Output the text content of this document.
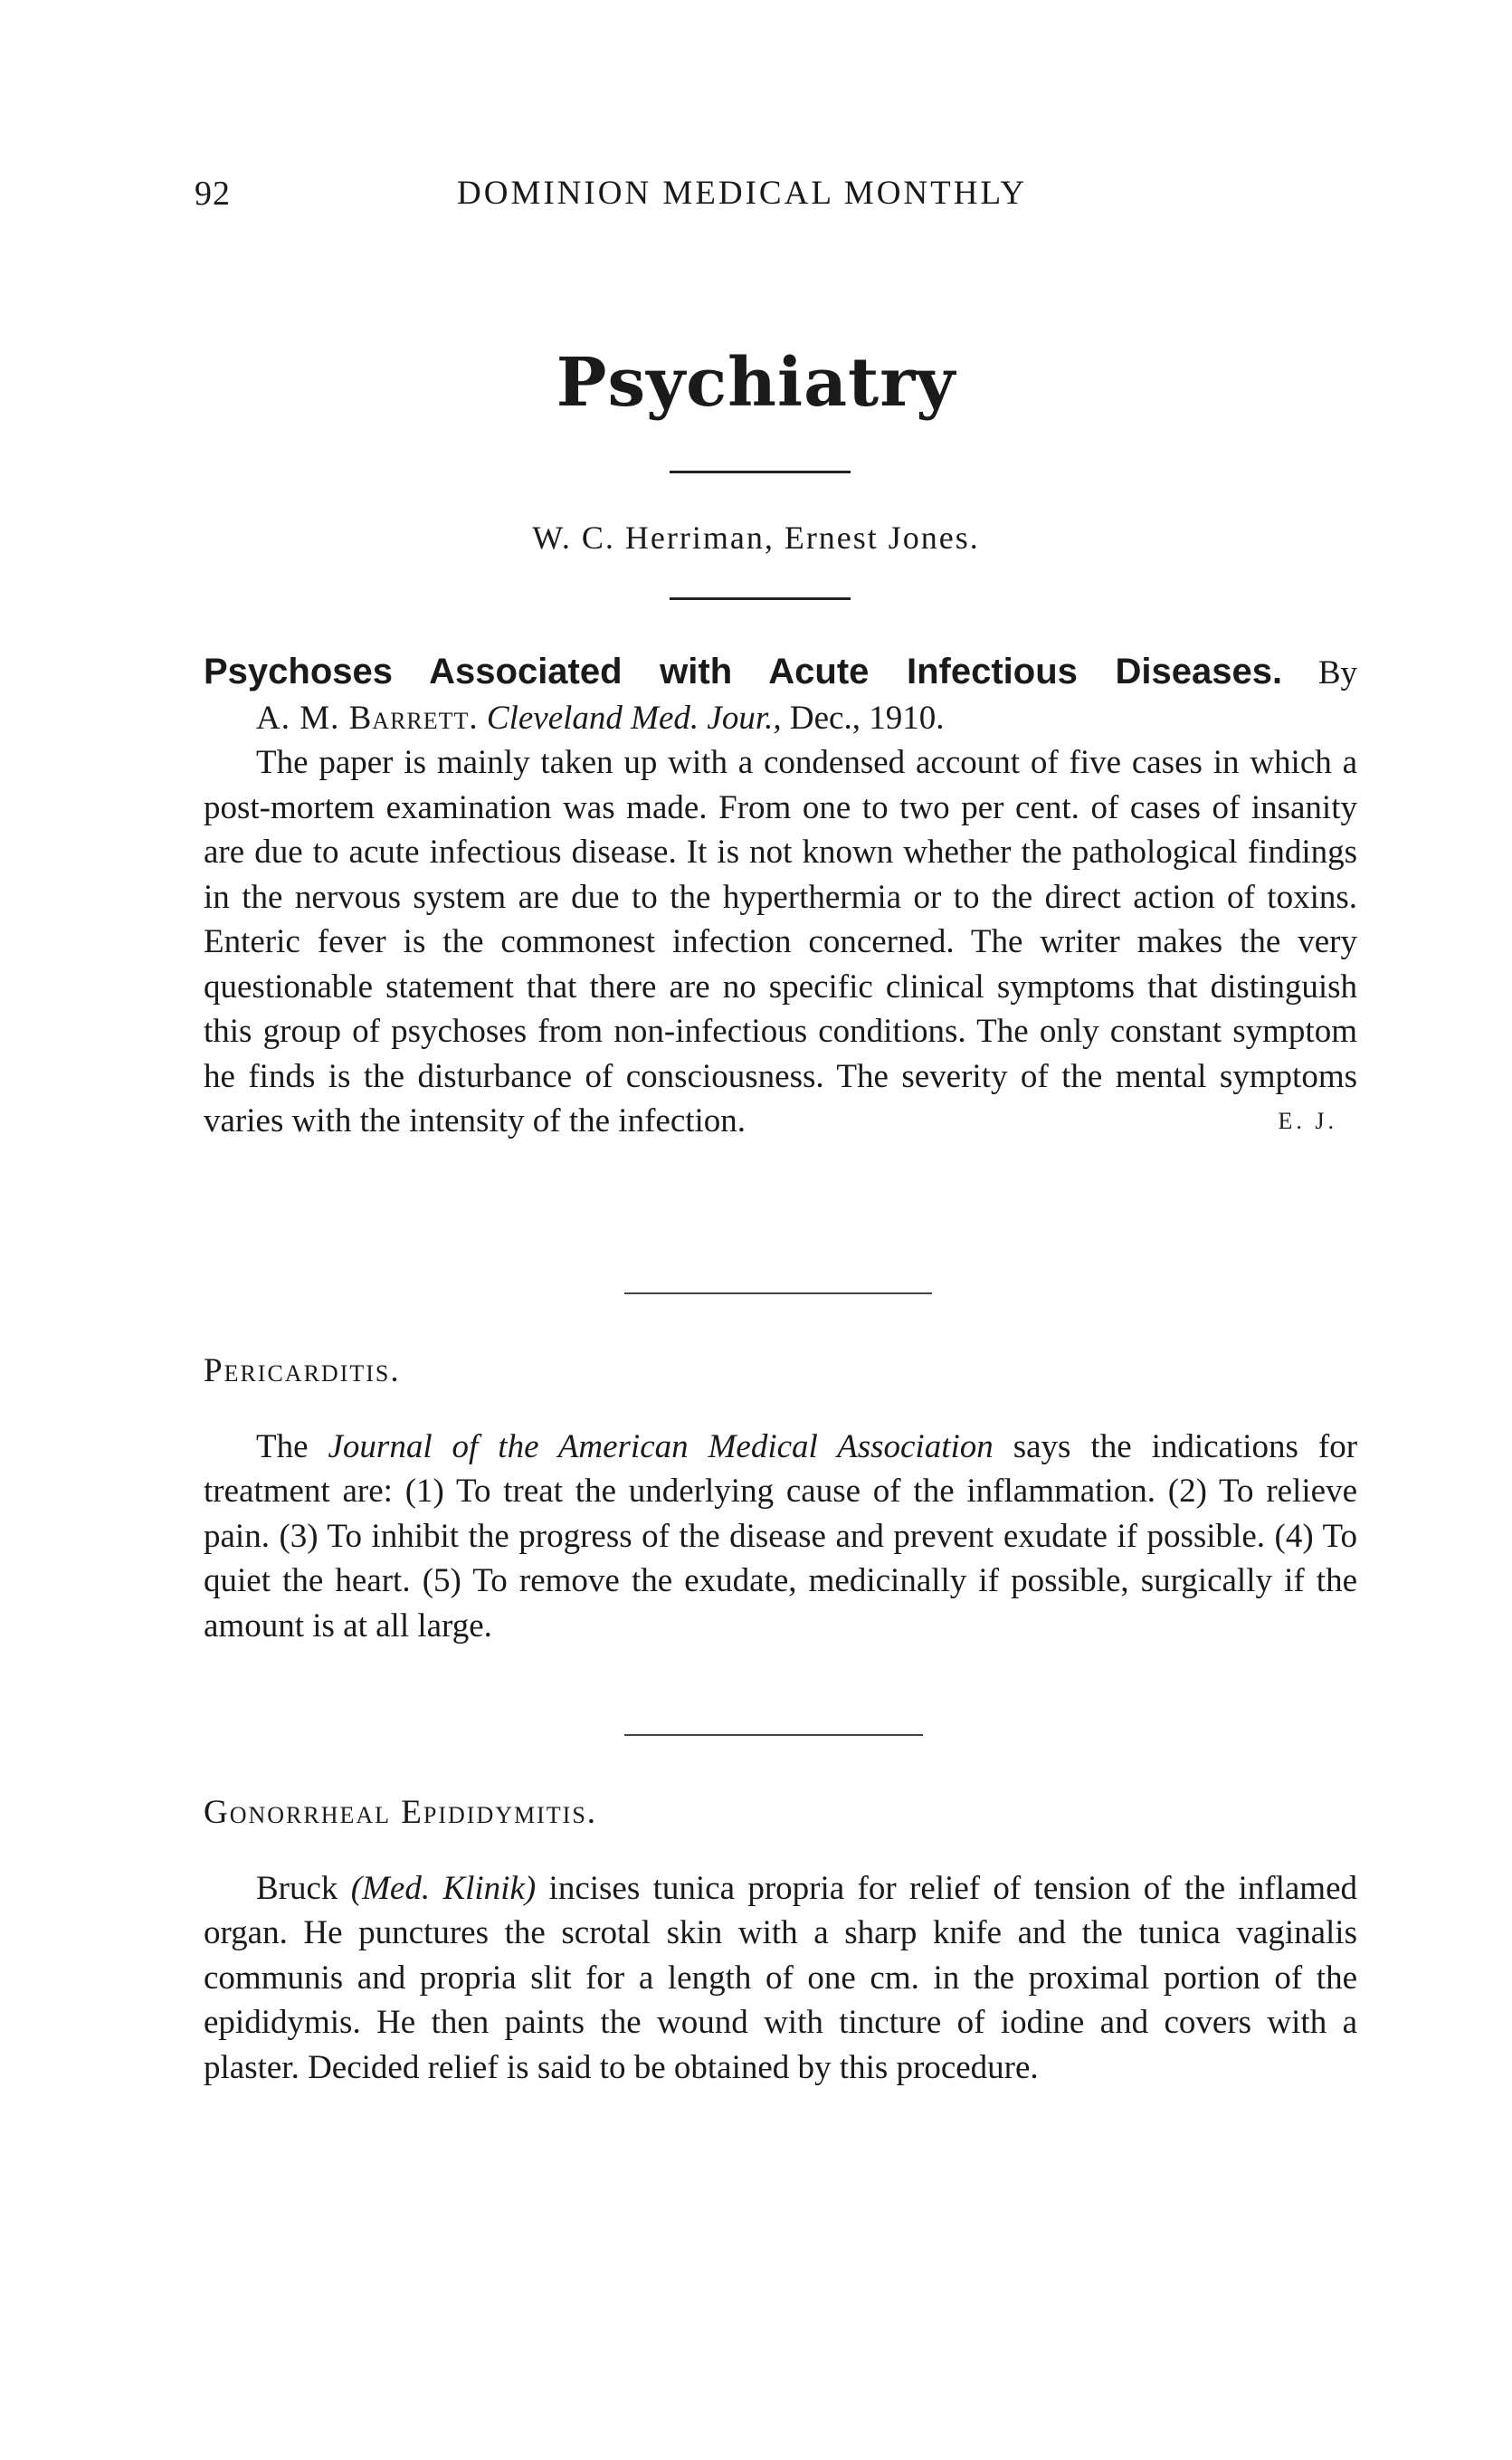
92	DOMINION MEDICAL MONTHLY
Psychiatry
W. C. Herriman, Ernest Jones.

Psychoses Associated with Acute Infectious Diseases. By

A. M. Barrett. Cleveland Med. Jour., Dec., 1910.

The paper is mainly taken up with a condensed account of five cases in which a post-mortem examination was made. From one to two per cent. of cases of insanity are due to acute infectious disease. It is not known whether the pathological findings in the nervous system are due to the hyperthermia or to the direct action of toxins. Enteric fever is the commonest infection concerned. The writer makes the very questionable statement that there are no specific clinical symptoms that distinguish this group of psychoses from non-infectious conditions. The only constant symptom he finds is the disturbance of consciousness. The severity of the mental symptoms varies with the intensity of the infection.	E. J.

Pericarditis.

The Journal of the American Medical Association says the indications for treatment are: (1) To treat the underlying cause of the inflammation. (2) To relieve pain. (3) To inhibit the progress of the disease and prevent exudate if possible. (4) To quiet the heart. (5) To remove the exudate, medicinally if possible, surgically if the amount is at all large.

Gonorrheal Epididymitis.

Bruck (Med. Klinik) incises tunica propria for relief of tension of the inflamed organ. He punctures the scrotal skin with a sharp knife and the tunica vaginalis communis and propria slit for a length of one cm. in the proximal portion of the epididymis. He then paints the wound with tincture of iodine and covers with a plaster. Decided relief is said to be obtained by this procedure.
